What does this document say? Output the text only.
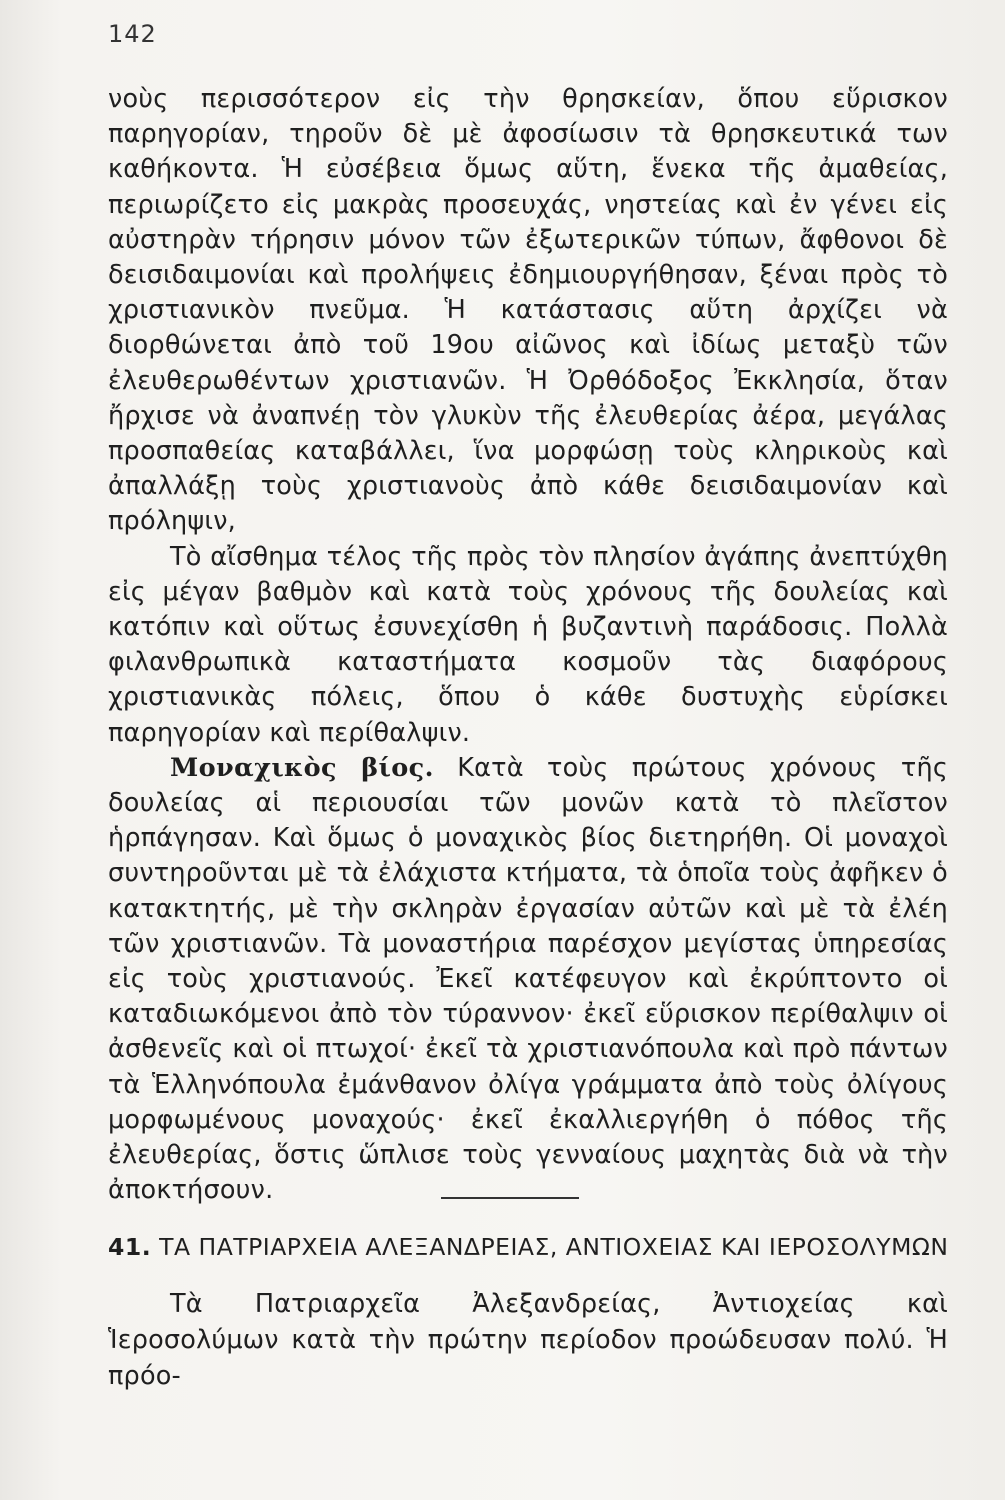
142

νοὺς περισσότερον εἰς τὴν θρησκείαν, ὅπου εὕρισκον παρηγορίαν, τηροῦν δὲ μὲ ἀφοσίωσιν τὰ θρησκευτικά των καθήκοντα. Ἡ εὐσέβεια ὅμως αὕτη, ἕνεκα τῆς ἀμαθείας, περιωρίζετο εἰς μακρὰς προσευχάς, νηστείας καὶ ἐν γένει εἰς αὐστηρὰν τήρησιν μόνον τῶν ἐξωτερικῶν τύπων, ἄφθονοι δὲ δεισιδαιμονίαι καὶ προλήψεις ἐδημιουργήθησαν, ξέναι πρὸς τὸ χριστιανικὸν πνεῦμα. Ἡ κατάστασις αὕτη ἀρχίζει νὰ διορθώνεται ἀπὸ τοῦ 19ου αἰῶνος καὶ ἰδίως μεταξὺ τῶν ἐλευθερωθέντων χριστιανῶν. Ἡ Ὀρθόδοξος Ἐκκλησία, ὅταν ἤρχισε νὰ ἀναπνέῃ τὸν γλυκὺν τῆς ἐλευθερίας ἀέρα, μεγάλας προσπαθείας καταβάλλει, ἵνα μορφώσῃ τοὺς κληρικοὺς καὶ ἀπαλλάξῃ τοὺς χριστιανοὺς ἀπὸ κάθε δεισιδαιμονίαν καὶ πρόληψιν,

Τὸ αἴσθημα τέλος τῆς πρὸς τὸν πλησίον ἀγάπης ἀνεπτύχθη εἰς μέγαν βαθμὸν καὶ κατὰ τοὺς χρόνους τῆς δουλείας καὶ κατόπιν καὶ οὕτως ἐσυνεχίσθη ἡ βυζαντινὴ παράδοσις. Πολλὰ φιλανθρωπικὰ καταστήματα κοσμοῦν τὰς διαφόρους χριστιανικὰς πόλεις, ὅπου ὁ κάθε δυστυχὴς εὑρίσκει παρηγορίαν καὶ περίθαλψιν.

Μοναχικὸς βίος. Κατὰ τοὺς πρώτους χρόνους τῆς δουλείας αἱ περιουσίαι τῶν μονῶν κατὰ τὸ πλεῖστον ἡρπάγησαν. Καὶ ὅμως ὁ μοναχικὸς βίος διετηρήθη. Οἱ μοναχοὶ συντηροῦνται μὲ τὰ ἐλάχιστα κτήματα, τὰ ὁποῖα τοὺς ἀφῆκεν ὁ κατακτητής, μὲ τὴν σκληρὰν ἐργασίαν αὐτῶν καὶ μὲ τὰ ἐλέη τῶν χριστιανῶν. Τὰ μοναστήρια παρέσχον μεγίστας ὑπηρεσίας εἰς τοὺς χριστιανούς. Ἐκεῖ κατέφευγον καὶ ἐκρύπτοντο οἱ καταδιωκόμενοι ἀπὸ τὸν τύραννον· ἐκεῖ εὕρισκον περίθαλψιν οἱ ἀσθενεῖς καὶ οἱ πτωχοί· ἐκεῖ τὰ χριστιανόπουλα καὶ πρὸ πάντων τὰ Ἑλληνόπουλα ἐμάνθανον ὀλίγα γράμματα ἀπὸ τοὺς ὀλίγους μορφωμένους μοναχούς· ἐκεῖ ἐκαλλιεργήθη ὁ πόθος τῆς ἐλευθερίας, ὅστις ὥπλισε τοὺς γενναίους μαχητὰς διὰ νὰ τὴν ἀποκτήσουν.

41. ΤΑ ΠΑΤΡΙΑΡΧΕΙΑ ΑΛΕΞΑΝΔΡΕΙΑΣ, ΑΝΤΙΟΧΕΙΑΣ ΚΑΙ ΙΕΡΟΣΟΛΥΜΩΝ

Τὰ Πατριαρχεῖα Ἀλεξανδρείας, Ἀντιοχείας καὶ Ἱεροσολύμων κατὰ τὴν πρώτην περίοδον προώδευσαν πολύ. Ἡ πρόο-
